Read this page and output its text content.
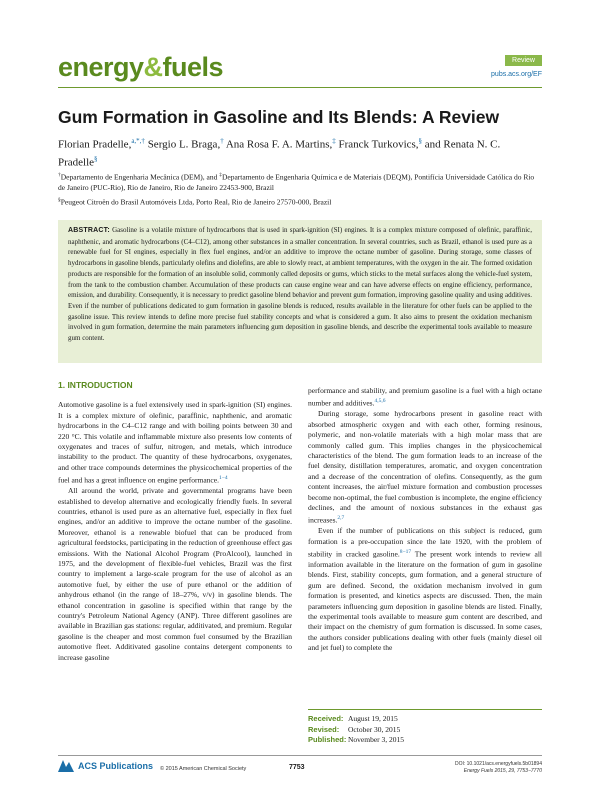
energy&fuels	Review
pubs.acs.org/EF
Gum Formation in Gasoline and Its Blends: A Review
Florian Pradelle,$^{a,*,\dagger}$ Sergio L. Braga,† Ana Rosa F. A. Martins,‡ Franck Turkovics,§ and Renata N. C. Pradelle§
†Departamento de Engenharia Mecânica (DEM), and ‡Departamento de Engenharia Química e de Materiais (DEQM), Pontifícia Universidade Católica do Rio de Janeiro (PUC-Rio), Rio de Janeiro, Rio de Janeiro 22453-900, Brazil
§Peugeot Citroën do Brasil Automóveis Ltda, Porto Real, Rio de Janeiro 27570-000, Brazil
ABSTRACT: Gasoline is a volatile mixture of hydrocarbons that is used in spark-ignition (SI) engines. It is a complex mixture composed of olefinic, paraffinic, naphthenic, and aromatic hydrocarbons (C4–C12), among other substances in a smaller concentration. In several countries, such as Brazil, ethanol is used pure as a renewable fuel for SI engines, especially in flex fuel engines, and/or an additive to improve the octane number of gasoline. During storage, some classes of hydrocarbons in gasoline blends, particularly olefins and diolefins, are able to slowly react, at ambient temperatures, with the oxygen in the air. The formed oxidation products are responsible for the formation of an insoluble solid, commonly called deposits or gums, which sticks to the metal surfaces along the vehicle-fuel system, from the tank to the combustion chamber. Accumulation of these products can cause engine wear and can have adverse effects on engine efficiency, performance, emission, and durability. Consequently, it is necessary to predict gasoline blend behavior and prevent gum formation, improving gasoline quality and using additives. Even if the number of publications dedicated to gum formation in gasoline blends is reduced, results available in the literature for other fuels can be applied to the gasoline issue. This review intends to define more precise fuel stability concepts and what is considered a gum. It also aims to present the oxidation mechanism involved in gum formation, determine the main parameters influencing gum deposition in gasoline blends, and describe the experimental tools available to measure gum content.
1. INTRODUCTION

Automotive gasoline is a fuel extensively used in spark-ignition (SI) engines. It is a complex mixture of olefinic, paraffinic, naphthenic, and aromatic hydrocarbons in the C4–C12 range and with boiling points between 30 and 220 °C. This volatile and inflammable mixture also presents low contents of oxygenates and traces of sulfur, nitrogen, and metals, which introduce instability to the product. The quantity of these hydrocarbons, oxygenates, and other trace compounds determines the physicochemical properties of the fuel and has a great influence on engine performance.$^{1-4}$

All around the world, private and governmental programs have been established to develop alternative and ecologically friendly fuels. In several countries, ethanol is used pure as an alternative fuel, especially in flex fuel engines, and/or an additive to improve the octane number of the gasoline. Moreover, ethanol is a renewable biofuel that can be produced from agricultural feedstocks, participating in the reduction of greenhouse effect gas emissions. With the National Alcohol Program (ProAlcool), launched in 1975, and the development of flexible-fuel vehicles, Brazil was the first country to implement a large-scale program for the use of alcohol as an automotive fuel, by either the use of pure ethanol or the addition of anhydrous ethanol (in the range of 18–27%, v/v) in gasoline blends. The ethanol concentration in gasoline is specified within that range by the country's Petroleum National Agency (ANP). Three different gasolines are available in Brazilian gas stations: regular, additivated, and premium. Regular gasoline is the cheaper and most common fuel consumed by the Brazilian automotive fleet. Additivated gasoline contains detergent components to increase gasoline

performance and stability, and premium gasoline is a fuel with a high octane number and additives.$^{4,5,6}$

During storage, some hydrocarbons present in gasoline react with absorbed atmospheric oxygen and with each other, forming resinous, polymeric, and non-volatile materials with a high molar mass that are commonly called gum. This implies changes in the physicochemical characteristics of the blend. The gum formation leads to an increase of the fuel density, distillation temperatures, aromatic, and oxygen concentration and a decrease of the concentration of olefins. Consequently, as the gum content increases, the air/fuel mixture formation and combustion processes become non-optimal, the fuel combustion is incomplete, the engine efficiency declines, and the amount of noxious substances in the exhaust gas increases.$^{2,7}$

Even if the number of publications on this subject is reduced, gum formation is a pre-occupation since the late 1920, with the problem of stability in cracked gasoline.$^{8-17}$ The present work intends to review all information available in the literature on the formation of gum in gasoline blends. First, stability concepts, gum formation, and a general structure of gum are defined. Second, the oxidation mechanism involved in gum formation is presented, and kinetics aspects are discussed. Then, the main parameters influencing gum deposition in gasoline blends are listed. Finally, the experimental tools available to measure gum content are described, and their impact on the chemistry of gum formation is discussed. In some cases, the authors consider publications dealing with other fuels (mainly diesel oil and jet fuel) to complete the

Received: August 19, 2015
Revised: October 30, 2015
Published: November 3, 2015
ACS Publications © 2015 American Chemical Society	7753	DOI: 10.1021/acs.energyfuels.5b01894
Energy Fuels 2015, 29, 7753−7770
